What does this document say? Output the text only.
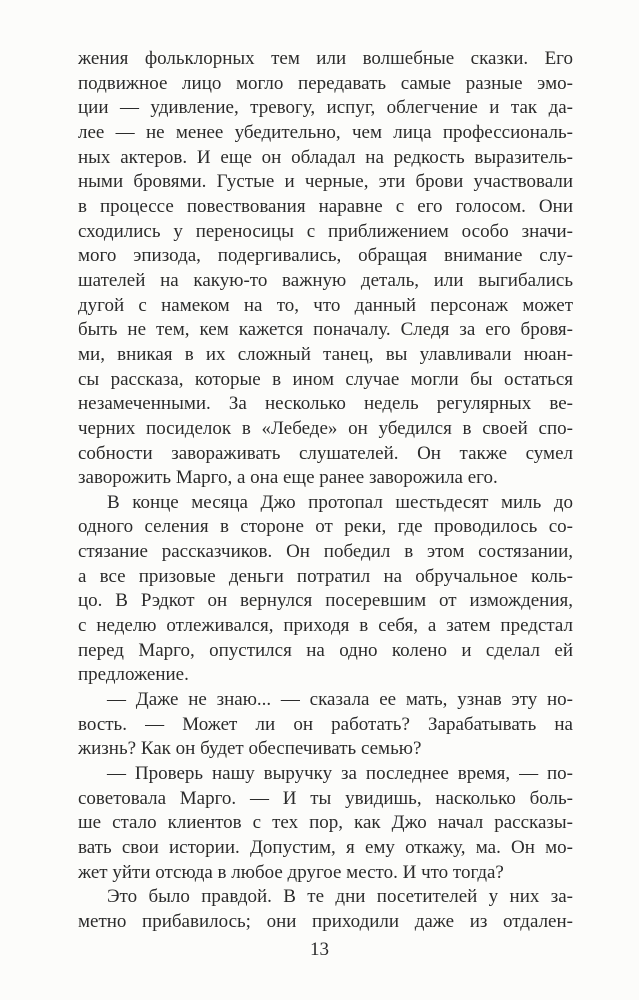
жения фольклорных тем или волшебные сказки. Его
подвижное лицо могло передавать самые разные эмо-
ции — удивление, тревогу, испуг, облегчение и так да-
лее — не менее убедительно, чем лица профессиональ-
ных актеров. И еще он обладал на редкость выразитель-
ными бровями. Густые и черные, эти брови участвовали
в процессе повествования наравне с его голосом. Они
сходились у переносицы с приближением особо значи-
мого эпизода, подергивались, обращая внимание слу-
шателей на какую-то важную деталь, или выгибались
дугой с намеком на то, что данный персонаж может
быть не тем, кем кажется поначалу. Следя за его бровя-
ми, вникая в их сложный танец, вы улавливали нюан-
сы рассказа, которые в ином случае могли бы остаться
незамеченными. За несколько недель регулярных ве-
черних посиделок в «Лебеде» он убедился в своей спо-
собности завораживать слушателей. Он также сумел
заворожить Марго, а она еще ранее заворожила его.
В конце месяца Джо протопал шестьдесят миль до
одного селения в стороне от реки, где проводилось со-
стязание рассказчиков. Он победил в этом состязании,
а все призовые деньги потратил на обручальное коль-
цо. В Рэдкот он вернулся посеревшим от измождения,
с неделю отлеживался, приходя в себя, а затем предстал
перед Марго, опустился на одно колено и сделал ей
предложение.
— Даже не знаю... — сказала ее мать, узнав эту но-
вость. — Может ли он работать? Зарабатывать на
жизнь? Как он будет обеспечивать семью?
— Проверь нашу выручку за последнее время, — по-
советовала Марго. — И ты увидишь, насколько боль-
ше стало клиентов с тех пор, как Джо начал рассказы-
вать свои истории. Допустим, я ему откажу, ма. Он мо-
жет уйти отсюда в любое другое место. И что тогда?
Это было правдой. В те дни посетителей у них за-
метно прибавилось; они приходили даже из отдален-
13
